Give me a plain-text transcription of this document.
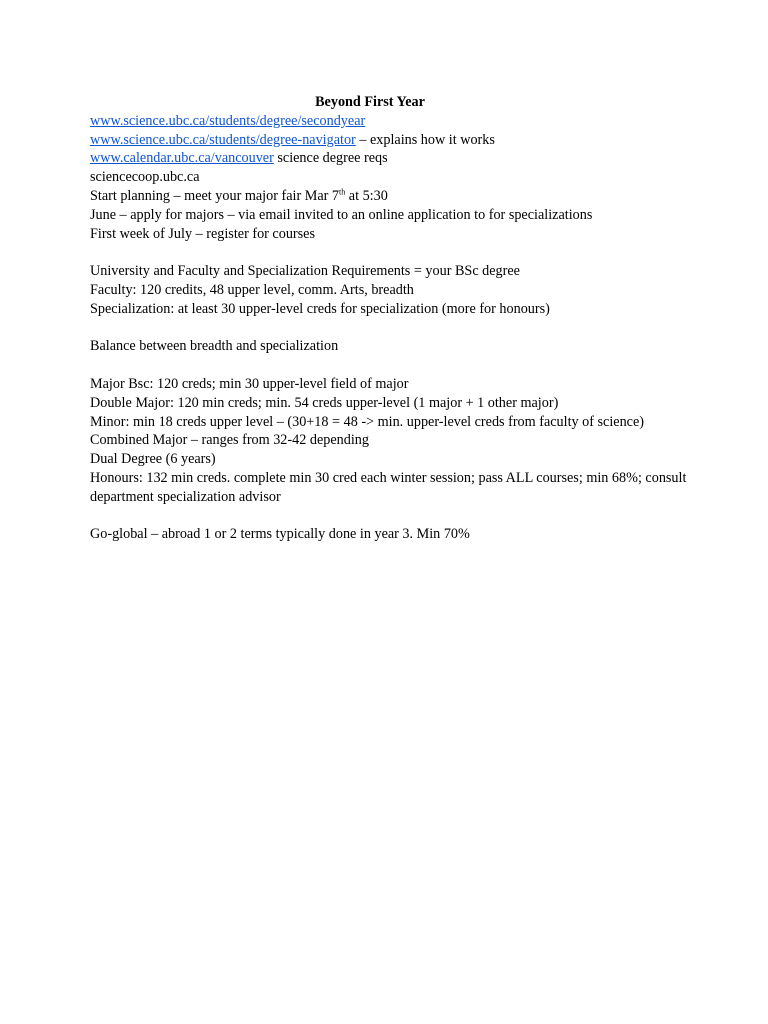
Beyond First Year
www.science.ubc.ca/students/degree/secondyear
www.science.ubc.ca/students/degree-navigator – explains how it works
www.calendar.ubc.ca/vancouver science degree reqs
sciencecoop.ubc.ca
Start planning – meet your major fair Mar 7th at 5:30
June – apply for majors – via email invited to an online application to for specializations
First week of July – register for courses
University and Faculty and Specialization Requirements = your BSc degree
Faculty: 120 credits, 48 upper level, comm. Arts, breadth
Specialization: at least 30 upper-level creds for specialization (more for honours)
Balance between breadth and specialization
Major Bsc: 120 creds; min 30 upper-level field of major
Double Major: 120 min creds; min. 54 creds upper-level (1 major + 1 other major)
Minor: min 18 creds upper level – (30+18 = 48 -> min. upper-level creds from faculty of science)
Combined Major – ranges from 32-42 depending
Dual Degree (6 years)
Honours: 132 min creds. complete min 30 cred each winter session; pass ALL courses; min 68%; consult department specialization advisor
Go-global – abroad 1 or 2 terms typically done in year 3. Min 70%
